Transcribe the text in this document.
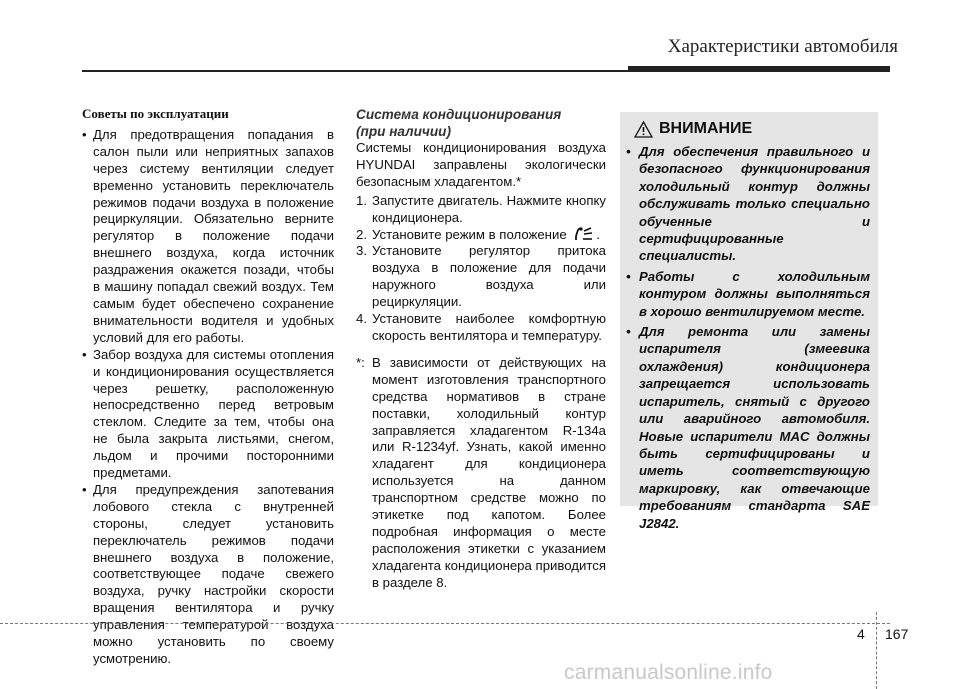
Характеристики автомобиля
Советы по эксплуатации
• Для предотвращения попадания в салон пыли или неприятных запахов через систему вентиляции следует временно установить переключатель режимов подачи воздуха в положение рециркуляции. Обязательно верните регулятор в положение подачи внешнего воздуха, когда источник раздражения окажется позади, чтобы в машину попадал свежий воздух. Тем самым будет обеспечено сохранение внимательности водителя и удобных условий для его работы.
• Забор воздуха для системы отопления и кондиционирования осуществляется через решетку, расположенную непосредственно перед ветровым стеклом. Следите за тем, чтобы она не была закрыта листьями, снегом, льдом и прочими посторонними предметами.
• Для предупреждения запотевания лобового стекла с внутренней стороны, следует установить переключатель режимов подачи внешнего воздуха в положение, соответствующее подаче свежего воздуха, ручку настройки скорости вращения вентилятора и ручку управления температурой воздуха можно установить по своему усмотрению.
Система кондиционирования
(при наличии)
Системы кондиционирования воздуха HYUNDAI заправлены экологически безопасным хладагентом.*
1. Запустите двигатель. Нажмите кнопку кондиционера.
2. Установите режим в положение .
3. Установите регулятор притока воздуха в положение для подачи наружного воздуха или рециркуляции.
4. Установите наиболее комфортную скорость вентилятора и температуру.
*: В зависимости от действующих на момент изготовления транспортного средства нормативов в стране поставки, холодильный контур заправляется хладагентом R-134a или R-1234yf. Узнать, какой именно хладагент для кондиционера используется на данном транспортном средстве можно по этикетке под капотом. Более подробная информация о месте расположения этикетки с указанием хладагента кондиционера приводится в разделе 8.
ВНИМАНИЕ
• Для обеспечения правильного и безопасного функционирования холодильный контур должны обслуживать только специально обученные и сертифицированные специалисты.
• Работы с холодильным контуром должны выполняться в хорошо вентилируемом месте.
• Для ремонта или замены испарителя (змеевика охлаждения) кондиционера запрещается использовать испаритель, снятый с другого или аварийного автомобиля. Новые испарители MAC должны быть сертифицированы и иметь соответствующую маркировку, как отвечающие требованиям стандарта SAE J2842.
4 167
carmanualsonline.info
